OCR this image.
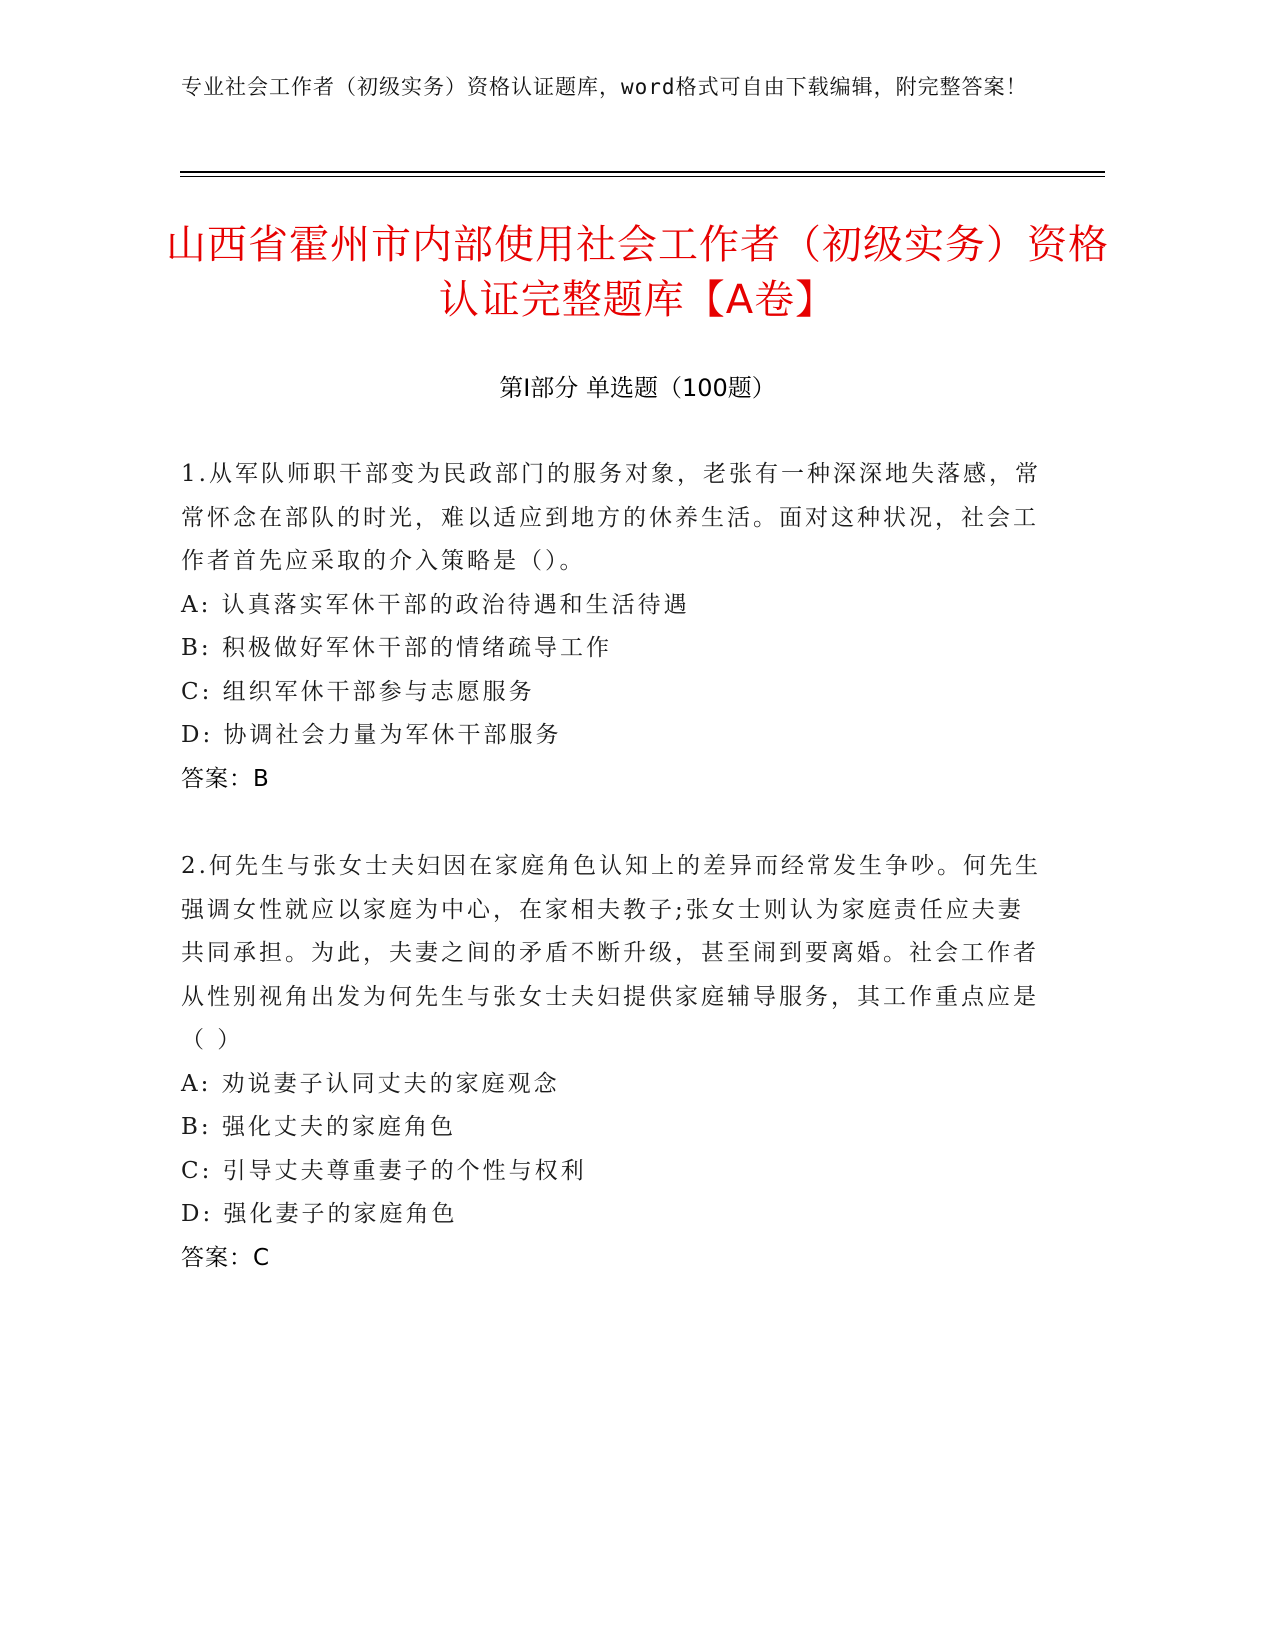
专业社会工作者（初级实务）资格认证题库，word格式可自由下载编辑，附完整答案！
山西省霍州市内部使用社会工作者（初级实务）资格认证完整题库【A卷】
第Ⅰ部分 单选题（100题）

1.从军队师职干部变为民政部门的服务对象，老张有一种深深地失落感，常常怀念在部队的时光，难以适应到地方的休养生活。面对这种状况，社会工作者首先应采取的介入策略是（）。

A: 认真落实军休干部的政治待遇和生活待遇

B: 积极做好军休干部的情绪疏导工作

C: 组织军休干部参与志愿服务

D: 协调社会力量为军休干部服务

答案：B

2.何先生与张女士夫妇因在家庭角色认知上的差异而经常发生争吵。何先生强调女性就应以家庭为中心，在家相夫教子;张女士则认为家庭责任应夫妻共同承担。为此，夫妻之间的矛盾不断升级，甚至闹到要离婚。社会工作者从性别视角出发为何先生与张女士夫妇提供家庭辅导服务，其工作重点应是（ ）

A: 劝说妻子认同丈夫的家庭观念

B: 强化丈夫的家庭角色

C: 引导丈夫尊重妻子的个性与权利

D: 强化妻子的家庭角色

答案：C
